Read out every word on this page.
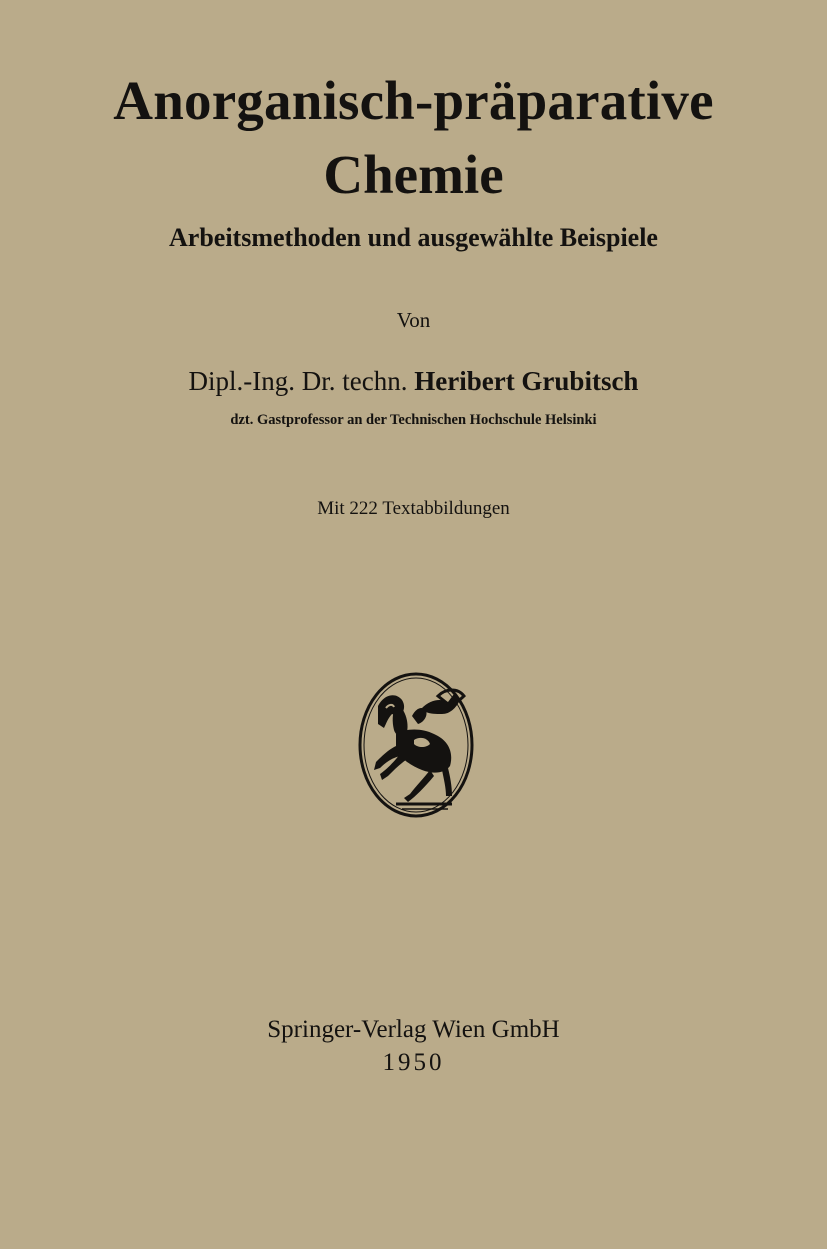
Anorganisch-präparative
Chemie
Arbeitsmethoden und ausgewählte Beispiele
Von
Dipl.-Ing. Dr. techn. Heribert Grubitsch
dzt. Gastprofessor an der Technischen Hochschule Helsinki
Mit 222 Textabbildungen
Springer-Verlag Wien GmbH
1950
